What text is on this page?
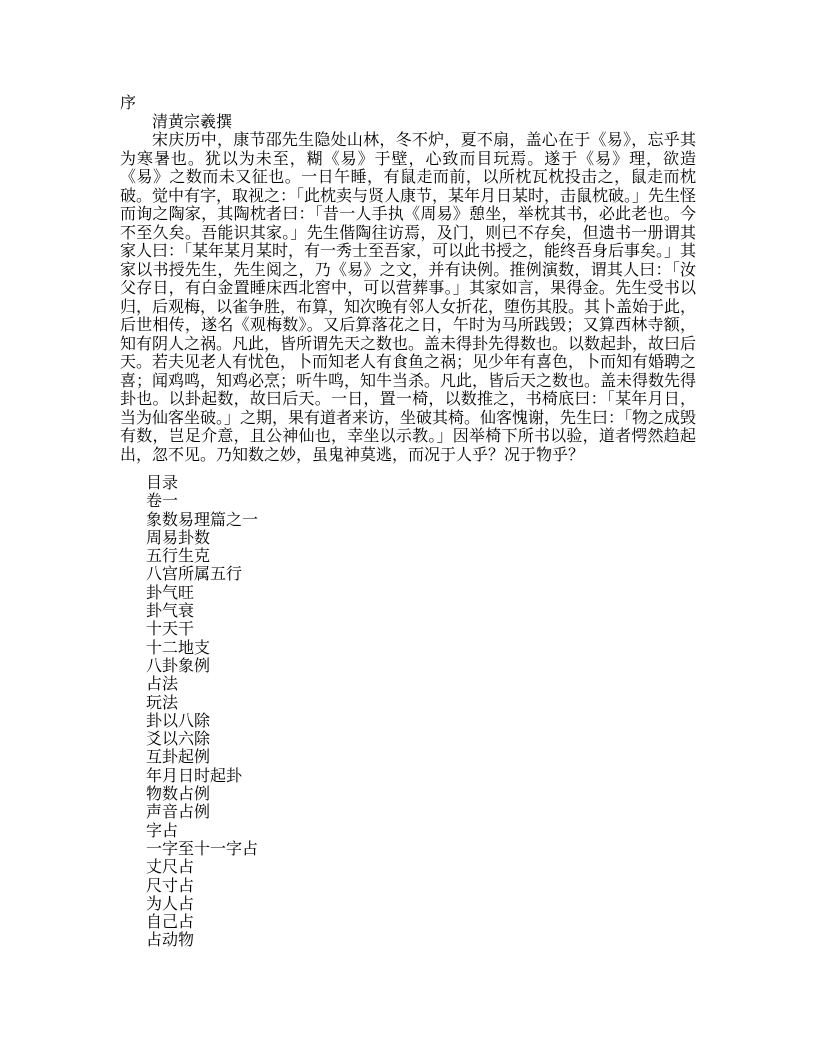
序
清黄宗羲撰

宋庆历中，康节邵先生隐处山林，冬不炉，夏不扇，盖心在于《易》，忘乎其为寒暑也。犹以为未至，糊《易》于壁，心致而目玩焉。遂于《易》理，欲造《易》之数而未又征也。一日午睡，有鼠走而前，以所枕瓦枕投击之，鼠走而枕破。觉中有字，取视之：「此枕卖与贤人康节，某年月日某时，击鼠枕破。」先生怪而询之陶家，其陶枕者曰：「昔一人手执《周易》憩坐，举枕其书，必此老也。今不至久矣。吾能识其家。」先生偕陶往访焉，及门，则已不存矣，但遗书一册谓其家人曰：「某年某月某时，有一秀士至吾家，可以此书授之，能终吾身后事矣。」其家以书授先生，先生阅之，乃《易》之文，并有诀例。推例演数，谓其人曰：「汝父存日，有白金置睡床西北窖中，可以营葬事。」其家如言，果得金。先生受书以归，后观梅，以雀争胜，布算，知次晚有邻人女折花，堕伤其股。其卜盖始于此，后世相传，遂名《观梅数》。又后算落花之日，午时为马所践毁；又算西林寺额，知有阴人之祸。凡此，皆所谓先天之数也。盖未得卦先得数也。以数起卦，故曰后天。若夫见老人有忧色，卜而知老人有食鱼之祸；见少年有喜色，卜而知有婚聘之喜；闻鸡鸣，知鸡必烹；听牛鸣，知牛当杀。凡此，皆后天之数也。盖未得数先得卦也。以卦起数，故曰后天。一日，置一椅，以数推之，书椅底曰：「某年月日，当为仙客坐破。」之期，果有道者来访，坐破其椅。仙客愧谢，先生曰：「物之成毁有数，岂足介意，且公神仙也，幸坐以示教。」因举椅下所书以验，道者愕然趋起出，忽不见。乃知数之妙，虽鬼神莫逃，而况于人乎？况于物乎？

目录
卷一
象数易理篇之一
周易卦数
五行生克
八宫所属五行
卦气旺
卦气衰
十天干
十二地支
八卦象例
占法
玩法
卦以八除
爻以六除
互卦起例
年月日时起卦
物数占例
声音占例
字占
一字至十一字占
丈尺占
尺寸占
为人占
自己占
占动物
